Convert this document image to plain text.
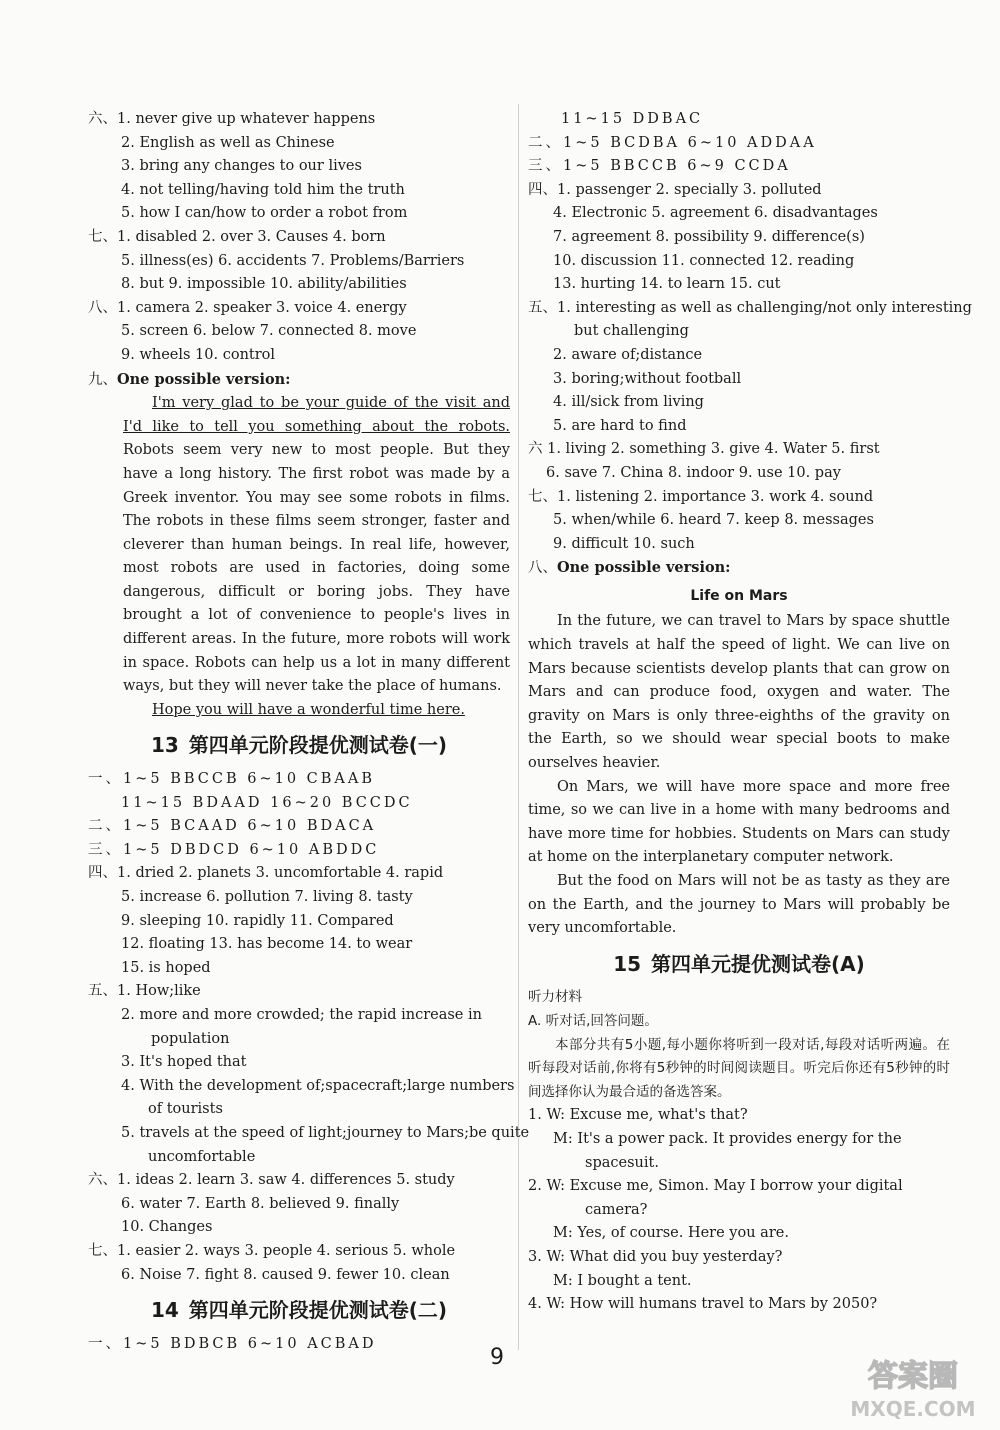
六、1. never give up whatever happens
2. English as well as Chinese
3. bring any changes to our lives
4. not telling/having told him the truth
5. how I can/how to order a robot from
七、1. disabled 2. over 3. Causes 4. born
5. illness(es) 6. accidents 7. Problems/Barriers
8. but 9. impossible 10. ability/abilities
八、1. camera 2. speaker 3. voice 4. energy
5. screen 6. below 7. connected 8. move
9. wheels 10. control
九、One possible version:
I'm very glad to be your guide of the visit and I'd like to tell you something about the robots. Robots seem very new to most people. But they have a long history. The first robot was made by a Greek inventor. You may see some robots in films. The robots in these films seem stronger, faster and cleverer than human beings. In real life, however, most robots are used in factories, doing some dangerous, difficult or boring jobs. They have brought a lot of convenience to people's lives in different areas. In the future, more robots will work in space. Robots can help us a lot in many different ways, but they will never take the place of humans.
Hope you will have a wonderful time here.
13 第四单元阶段提优测试卷(一)
一、1~5 BBCCB 6~10 CBAAB
11~15 BDAAD 16~20 BCCDC
二、1~5 BCAAD 6~10 BDACA
三、1~5 DBDCD 6~10 ABDDC
四、1. dried 2. planets 3. uncomfortable 4. rapid
5. increase 6. pollution 7. living 8. tasty
9. sleeping 10. rapidly 11. Compared
12. floating 13. has become 14. to wear
15. is hoped
五、1. How;like
2. more and more crowded; the rapid increase in
population
3. It's hoped that
4. With the development of;spacecraft;large numbers
of tourists
5. travels at the speed of light;journey to Mars;be quite
uncomfortable
六、1. ideas 2. learn 3. saw 4. differences 5. study
6. water 7. Earth 8. believed 9. finally
10. Changes
七、1. easier 2. ways 3. people 4. serious 5. whole
6. Noise 7. fight 8. caused 9. fewer 10. clean
14 第四单元阶段提优测试卷(二)
一、1~5 BDBCB 6~10 ACBAD
11~15 DDBAC
二、1~5 BCDBA 6~10 ADDAA
三、1~5 BBCCB 6~9 CCDA
四、1. passenger 2. specially 3. polluted
4. Electronic 5. agreement 6. disadvantages
7. agreement 8. possibility 9. difference(s)
10. discussion 11. connected 12. reading
13. hurting 14. to learn 15. cut
五、1. interesting as well as challenging/not only interesting
but challenging
2. aware of;distance
3. boring;without football
4. ill/sick from living
5. are hard to find
六 1. living 2. something 3. give 4. Water 5. first
6. save 7. China 8. indoor 9. use 10. pay
七、1. listening 2. importance 3. work 4. sound
5. when/while 6. heard 7. keep 8. messages
9. difficult 10. such
八、One possible version:
Life on Mars
In the future, we can travel to Mars by space shuttle which travels at half the speed of light. We can live on Mars because scientists develop plants that can grow on Mars and can produce food, oxygen and water. The gravity on Mars is only three-eighths of the gravity on the Earth, so we should wear special boots to make ourselves heavier.
On Mars, we will have more space and more free time, so we can live in a home with many bedrooms and have more time for hobbies. Students on Mars can study at home on the interplanetary computer network.
But the food on Mars will not be as tasty as they are on the Earth, and the journey to Mars will probably be very uncomfortable.
15 第四单元提优测试卷(A)
听力材料
A. 听对话,回答问题。
本部分共有5小题,每小题你将听到一段对话,每段对话听两遍。在听每段对话前,你将有5秒钟的时间阅读题目。听完后你还有5秒钟的时间选择你认为最合适的备选答案。
1. W: Excuse me, what's that?
M: It's a power pack. It provides energy for the
spacesuit.
2. W: Excuse me, Simon. May I borrow your digital
camera?
M: Yes, of course. Here you are.
3. W: What did you buy yesterday?
M: I bought a tent.
4. W: How will humans travel to Mars by 2050?
9
答案圈
MXQE.COM
